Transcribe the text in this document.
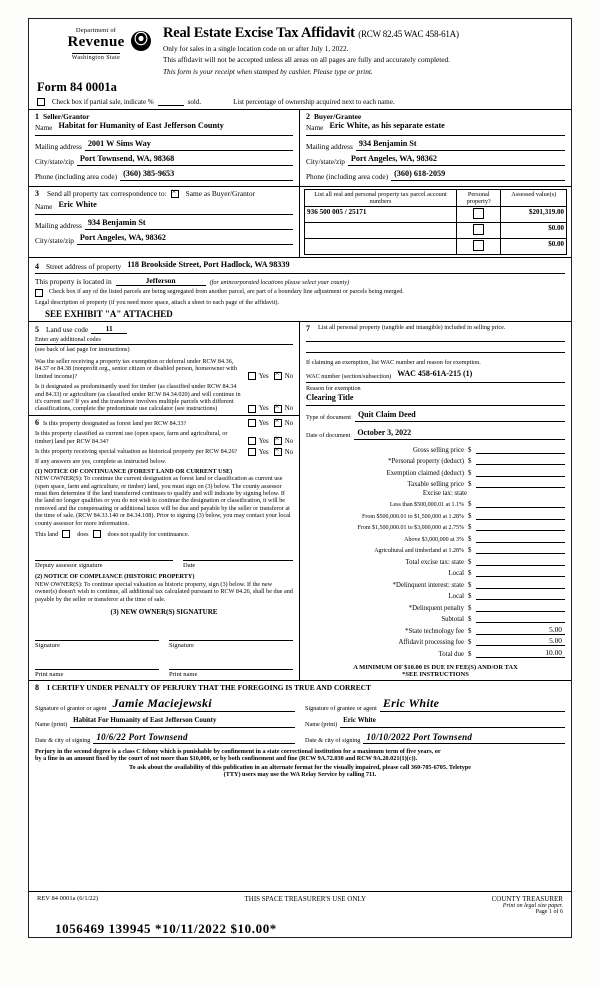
Department of
Revenue
Washington State
⦿ Real Estate Excise Tax Affidavit (RCW 82.45 WAC 458-61A)
Only for sales in a single location code on or after July 1, 2022.
This affidavit will not be accepted unless all areas on all pages are fully and accurately completed.
This form is your receipt when stamped by cashier. Please type or print.
Form 84 0001a
Check box if partial sale, indicate %	sold.	List percentage of ownership acquired next to each name.
1 Seller/Grantor
Name Habitat for Humanity of East Jefferson County
Mailing address 2001 W Sims Way
City/state/zip Port Townsend, WA, 98368
Phone (including area code) (360) 385-9653
2 Buyer/Grantee
Name Eric White, as his separate estate
Mailing address 934 Benjamin St
City/state/zip Port Angeles, WA, 98362
Phone (including area code) (360) 618-2059
3 Send all property tax correspondence to: ×	Same as Buyer/Grantor
Name Eric White
Mailing address 934 Benjamin St
City/state/zip Port Angeles, WA, 98362
List all real and personal property tax parcel account numbers	Personal property?	Assessed value(s)
936 500 005 / 25171		$201,319.00
		$0.00
		$0.00
4 Street address of property 118 Brookside Street, Port Hadlock, WA 98339
This property is located in	Jefferson	(for unincorporated locations please select your county)
Check box if any of the listed parcels are being segregated from another parcel, are part of a boundary line adjustment or parcels being merged.
Legal description of property (if you need more space, attach a sheet to each page of the affidavit).
SEE EXHIBIT "A" ATTACHED
5 Land use code	11
Enter any additional codes
(see back of last page for instructions)
Was the seller receiving a property tax exemption or deferral under RCW 84.36, 84.37 or 84.38 (nonprofit org., senior citizen or disabled person, homeowner with limited income)?	Yes × No
Is it designated as predominantly used for timber (as classified under RCW 84.34 and 84.33) or agriculture (as classified under RCW 84.34.020) and will continue in it's current use? If yes and the transferee involves multiple parcels with different classifications, complete the predominate use calculator (see instructions)	Yes × No
6 Is this property designated as forest land per RCW 84.33?	Yes × No
Is this property classified as current use (open space, farm and agricultural, or timber) land per RCW 84.34?	Yes × No
Is this property receiving special valuation as historical property per RCW 84.26?	Yes × No
If any answers are yes, complete as instructed below.
(1) NOTICE OF CONTINUANCE (FOREST LAND OR CURRENT USE)
NEW OWNER(S): To continue the current designation as forest land or classification as current use (open space, farm and agriculture, or timber) land, you must sign on (3) below. The county assessor must then determine if the land transferred continues to qualify and will indicate by signing below. If the land no longer qualifies or you do not wish to continue the designation or classification, it will be removed and the compensating or additional taxes will be due and payable by the seller or transferor at the time of sale. (RCW 84.33.140 or 84.34.108). Prior to signing (3) below, you may contact your local county assessor for more information.
This land	does	does not qualify for continuance.
Deputy assessor signature	Date
(2) NOTICE OF COMPLIANCE (HISTORIC PROPERTY)
NEW OWNER(S): To continue special valuation as historic property, sign (3) below. If the new owner(s) doesn't wish to continue, all additional tax calculated pursuant to RCW 84.26, shall be due and payable by the seller or transferor at the time of sale.
(3) NEW OWNER(S) SIGNATURE
Signature	Signature
Print name	Print name
7 List all personal property (tangible and intangible) included in selling price.
If claiming an exemption, list WAC number and reason for exemption.
WAC number (section/subsection) WAC 458-61A-215 (1)
Reason for exemption
Clearing Title
Type of document Quit Claim Deed
Date of document October 3, 2022
Gross selling price $
*Personal property (deduct) $
Exemption claimed (deduct) $
Taxable selling price $
Excise tax: state
Less than $500,000.01 at 1.1% $
From $500,000.01 to $1,500,000 at 1.28% $
From $1,500,000.01 to $3,000,000 at 2.75% $
Above $3,000,000 at 3% $
Agricultural and timberland at 1.28% $
Total excise tax: state $
Local $
*Delinquent interest: state $
Local $
*Delinquent penalty $
Subtotal $
*State technology fee $	5.00
Affidavit processing fee $	5.00
Total due $	10.00
A MINIMUM OF $10.00 IS DUE IN FEE(S) AND/OR TAX
*SEE INSTRUCTIONS
8 I CERTIFY UNDER PENALTY OF PERJURY THAT THE FOREGOING IS TRUE AND CORRECT
Signature of grantor or agent Jamie Maciejewski
Name (print)
Habitat For Humanity of East Jefferson County
Date & city of signing 10/6/22 Port Townsend
Signature of grantee or agent Eric White
Name (print)
Eric White
Date & city of signing 10/10/2022 Port Townsend
Perjury in the second degree is a class C felony which is punishable by confinement in a state correctional institution for a maximum term of five years, or
by a fine in an amount fixed by the court of not more than $10,000, or by both confinement and fine (RCW 9A.72.030 and RCW 9A.20.021(1)(c)).
To ask about the availability of this publication in an alternate format for the visually impaired, please call 360-705-6705. Teletype
(TTY) users may use the WA Relay Service by calling 711.
REV 84 0001a (6/1/22)	THIS SPACE TREASURER'S USE ONLY	COUNTY TREASURER
Print on legal size paper.
Page 1 of 6
1056469 139945 *10/11/2022 $10.00*
